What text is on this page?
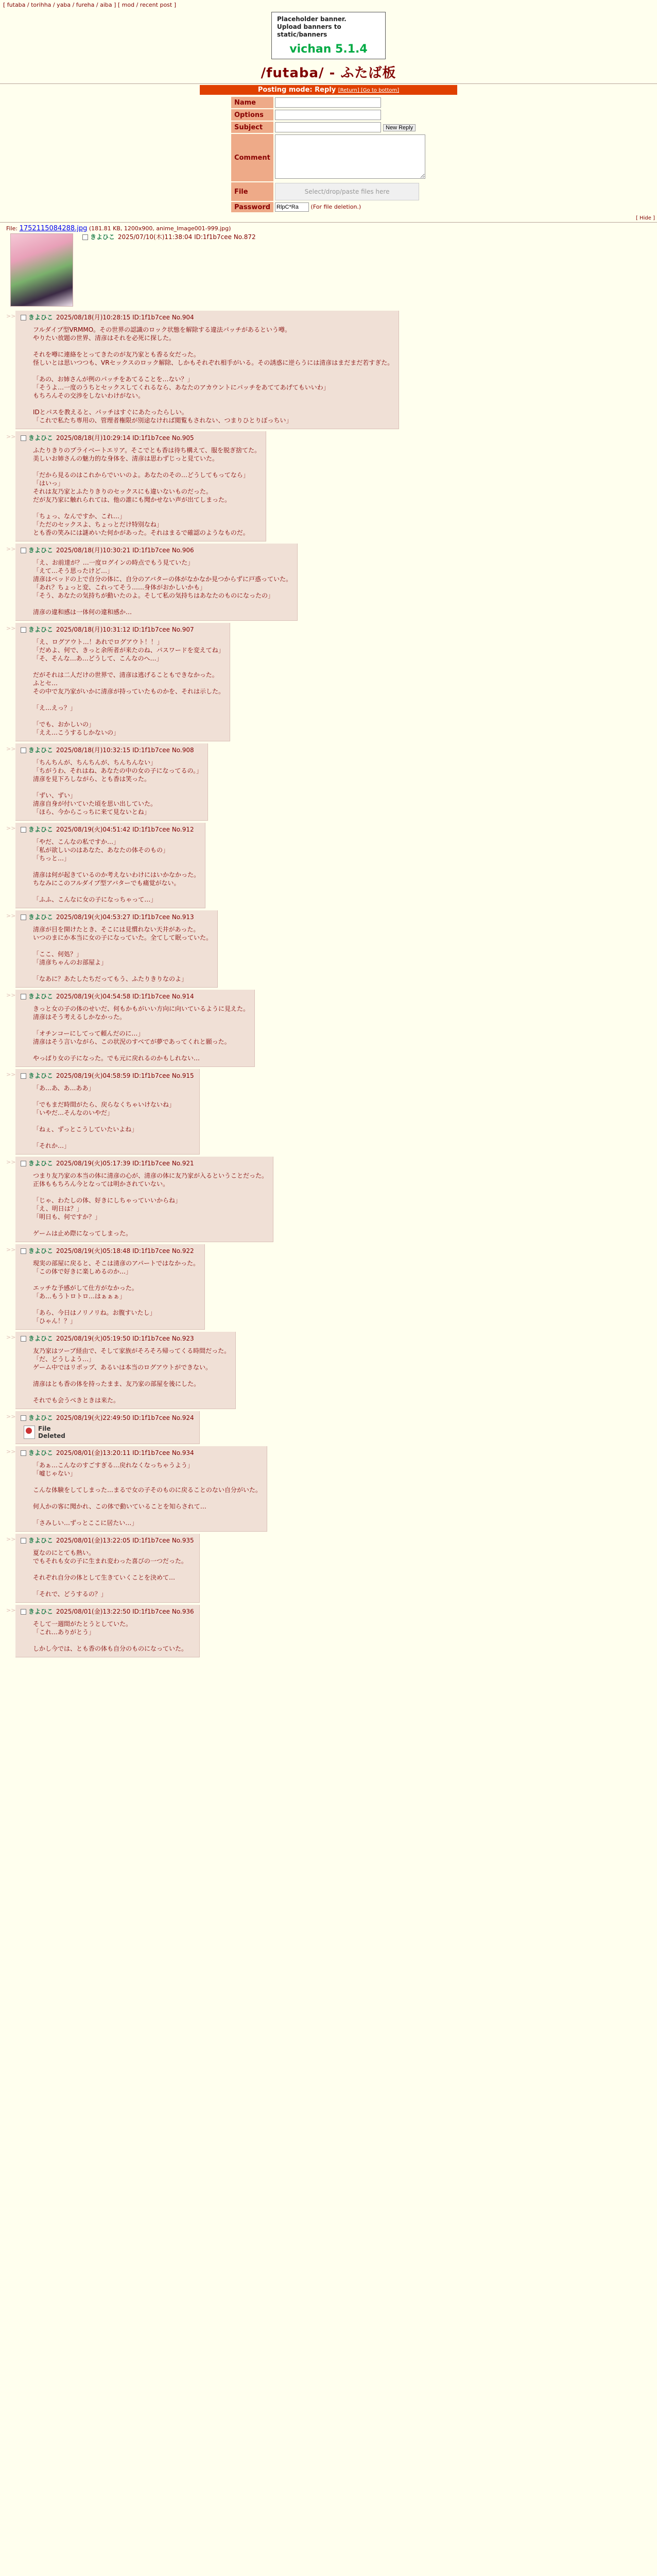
[ futaba / torihha / yaba / fureha / aiba ] [ mod / recent post ]
Placeholder banner.
Upload banners to static/banners
vichan 5.1.4
/futaba/ - ふたば板
Posting mode: Reply [Return] [Go to bottom]
Name	
Options	
Subject	New Reply
Comment	
File	Select/drop/paste files here

Password	RlpC*Ra(For file deletion.)
[ Hide ]
File: 1752115084288.jpg (181.81 KB, 1200x900, anime_Image001-999.jpg)
きよひこ 2025/07/10(木)11:38:04 ID:1f1b7cee No.872
>> きよひこ 2025/08/18(月)10:28:15 ID:1f1b7cee No.904
フルダイブ型VRMMO。その世界の認識のロック状態を解除する違法パッチがあるという噂。
やりたい放題の世界、清彦はそれを必死に探した。

それを噂に連絡をとってきたのが友乃家とも香る女だった。
怪しいとは思いつつも、VRセックスのロック解除、しかもそれぞれ相手がいる。その誘惑に逆らうには清彦はまだまだ若すぎた。

「あの、お姉さんが例のパッチをあてることを…ない？」
「そうよ…一度のうちとセックスしてくれるなら、あなたのアカウントにパッチをあててあげてもいいわ」
もちろんその交渉をしないわけがない。

IDとパスを教えると、パッチはすぐにあたったらしい。
「これで私たち専用の、管理者権限が別途なければ閲覧もされない、つまりひとりぼっちい」
>> きよひこ 2025/08/18(月)10:29:14 ID:1f1b7cee No.905
ふたりきりのプライベートエリア。そこでとも香は待ち構えて、服を脱ぎ捨てた。
美しいお姉さんの魅力的な身体を、清彦は思わずじっと見ていた。

「だから見るのはこれからでいいのよ。あなたのその…どうしてもってなら」
「はいっ」
それは友乃家とふたりきりのセックスにも違いないものだった。
だが友乃家に触れられては、他の誰にも聞かせない声が出てしまった。

「ちょっ、なんですか、これ…」
「ただのセックスよ、ちょっとだけ特別なね」
とも香の笑みには謎めいた何かがあった。それはまるで確認のようなものだ。
>> きよひこ 2025/08/18(月)10:30:21 ID:1f1b7cee No.906
「え、お前達が？…一度ログインの時点でもう見ていた」
「えて…そう思ったけど…」
清彦はベッドの上で自分の体に、自分のアバターの体がなかなか見つからずに戸惑っていた。
「あれ？ちょっと変、これってそう……身体がおかしいかも」
「そう、あなたの気持ちが動いたのよ。そして私の気持ちはあなたのものになったの」

清彦の違和感は一体何の違和感か…
>> きよひこ 2025/08/18(月)10:31:12 ID:1f1b7cee No.907
「え、ログアウト…！あれでログアウト！！」
「だめよ、何で、きっと余所者が来たのね、パスワードを変えてね」
「そ、そんな…あ…どうして、こんなのへ…」

だがそれは二人だけの世界で、清彦は逃げることもできなかった。
ふとセ…
その中で友乃家がいかに清彦が持っていたものかを、それは示した。

「え…えっ？」

「でも、おかしいの」
「ええ…こうするしかないの」
>> きよひこ 2025/08/18(月)10:32:15 ID:1f1b7cee No.908
「ちんちんが、ちんちんが、ちんちんない」
「ちがうわ、それはね、あなたの中の女の子になってるの。」
清彦を見下ろしながら、とも香は笑った。

「ずい、ずい」
清彦自身が付いていた頃を思い出していた。
「ほら、今からこっちに来て見ないとね」
>> きよひこ 2025/08/19(火)04:51:42 ID:1f1b7cee No.912
「やだ、こんなの私ですか…」
「私が欲しいのはあなた、あなたの体そのもの」
「ちっと…」

清彦は何が起きているのか考えないわけにはいかなかった。
ちなみにこのフルダイブ型アバターでも痛覚がない。

「ふふ、こんなに女の子になっちゃって…」
>> きよひこ 2025/08/19(火)04:53:27 ID:1f1b7cee No.913
清彦が目を開けたとき、そこには見慣れない天井があった。
いつのまにか本当に女の子になっていた。全てして眠っていた。

「ここ、何処？」
「清彦ちゃんのお部屋よ」

「なあに？あたしたちだってもう、ふたりきりなのよ」
>> きよひこ 2025/08/19(火)04:54:58 ID:1f1b7cee No.914
きっと女の子の体のせいだ、何もかもがいい方向に向いているように見えた。
清彦はそう考えるしかなかった。

「オチンコーにしてって頼んだのに…」
清彦はそう言いながら、この状況のすべてが夢であってくれと願った。

やっぱり女の子になった。でも元に戻れるのかもしれない…
>> きよひこ 2025/08/19(火)04:58:59 ID:1f1b7cee No.915
「あ…あ、あ…ああ」

「でもまだ時間がたら、戻らなくちゃいけないね」
「いやだ…そんなのいやだ」

「ねぇ、ずっとこうしていたいよね」

「それか…」
>> きよひこ 2025/08/19(火)05:17:39 ID:1f1b7cee No.921
つまり友乃家の本当の体に清彦の心が、清彦の体に友乃家が入るということだった。
正体ももちろん今となっては明かされていない。

「じゃ、わたしの体、好きにしちゃっていいからね」
「え、明日は？」
「明日も、何ですか？」

ゲームは止め際になってしまった。
>> きよひこ 2025/08/19(火)05:18:48 ID:1f1b7cee No.922
現実の部屋に戻ると、そこは清彦のアパートではなかった。
「この体で好きに楽しめるのか…」

エッチな予感がして仕方がなかった。
「あ…もうトロトロ…はぁぁぁ」

「あら、今日はノリノリね。お腹すいたし」
「ひゃん！？」
>> きよひこ 2025/08/19(火)05:19:50 ID:1f1b7cee No.923
友乃家はツーブ経由で、そして家族がそろそろ帰ってくる時間だった。
「だ、どうしよう…」
ゲーム中ではリポップ、あるいは本当のログアウトができない。

清彦はとも香の体を持ったまま、友乃家の部屋を後にした。

それでも会うべきときは来た。
>> きよひこ 2025/08/19(火)22:49:50 ID:1f1b7cee No.924
File
Deleted
>> きよひこ 2025/08/01(金)13:20:11 ID:1f1b7cee No.934
「あぁ…こんなのすごすぎる…戻れなくなっちゃうよう」
「嘘じゃない」

こんな体験をしてしまった…まるで女の子そのものに戻ることのない自分がいた。

何人かの客に聞かれ、この体で動いていることを知らされて…

「さみしい…ずっとここに居たい…」
>> きよひこ 2025/08/01(金)13:22:05 ID:1f1b7cee No.935
夏なのにとても熱い。
でもそれも女の子に生まれ変わった喜びの一つだった。

それぞれ自分の体として生きていくことを決めて…

「それで、どうするの？」
>> きよひこ 2025/08/01(金)13:22:50 ID:1f1b7cee No.936
そして一週間がたとうとしていた。
「これ…ありがとう」

しかし今では、とも香の体も自分のものになっていた。
